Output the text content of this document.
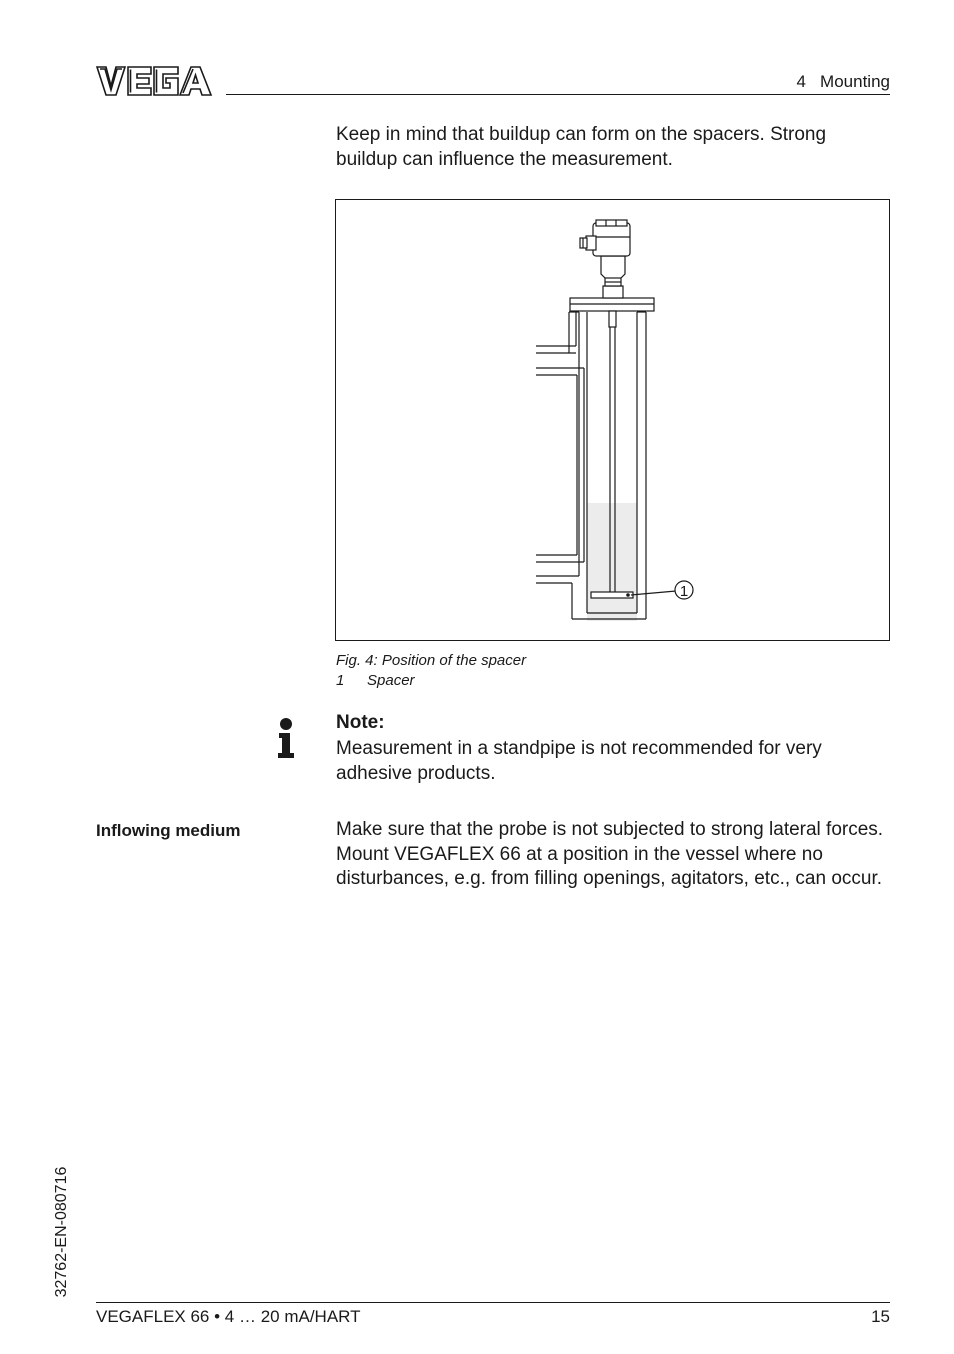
4   Mounting
Keep in mind that buildup can form on the spacers. Strong buildup can influence the measurement.
1
Fig. 4: Position of the spacer
1 Spacer
Note:
Measurement in a standpipe is not recommended for very adhesive products.
Inflowing medium	Make sure that the probe is not subjected to strong lateral forces. Mount VEGAFLEX 66 at a position in the vessel where no disturbances, e.g. from filling openings, agitators, etc., can occur.
32762-EN-080716
VEGAFLEX 66 • 4 … 20 mA/HART	15
